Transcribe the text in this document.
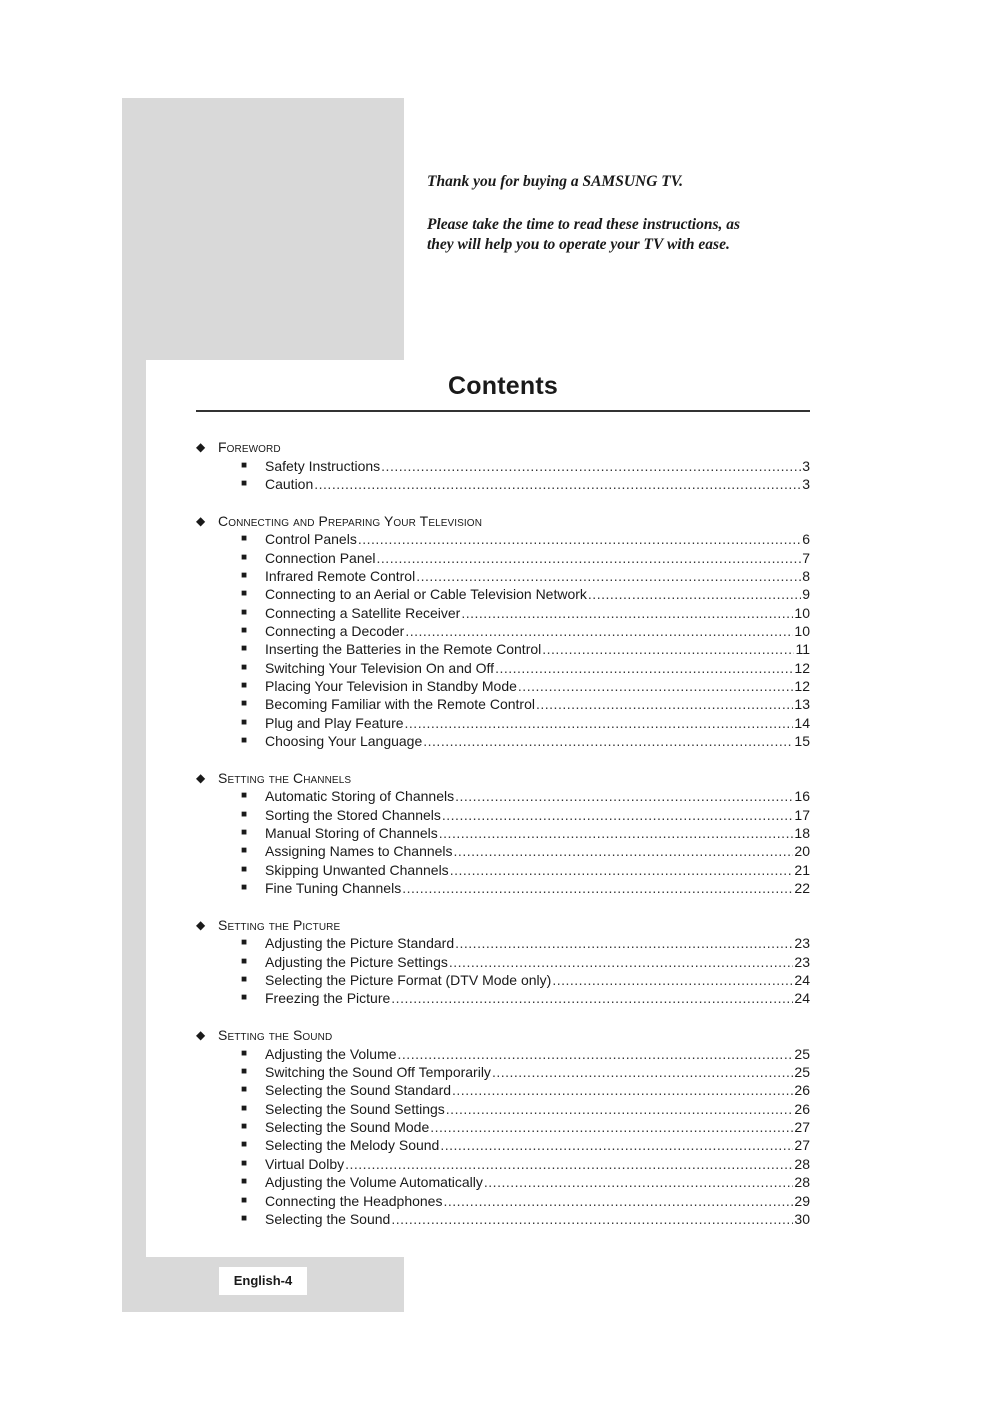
Thank you for buying a SAMSUNG TV.

Please take the time to read these instructions, as they will help you to operate your TV with ease.

Contents
◆ Foreword
■	Safety Instructions .....	3
■	Caution .....	3
◆ Connecting and Preparing Your Television
■	Control Panels .....	6
■	Connection Panel .....	7
■	Infrared Remote Control .....	8
■	Connecting to an Aerial or Cable Television Network .....	9
■	Connecting a Satellite Receiver .....	10
■	Connecting a Decoder .....	10
■	Inserting the Batteries in the Remote Control .....	11
■	Switching Your Television On and Off .....	12
■	Placing Your Television in Standby Mode .....	12
■	Becoming Familiar with the Remote Control .....	13
■	Plug and Play Feature .....	14
■	Choosing Your Language .....	15
◆ Setting the Channels
■	Automatic Storing of Channels .....	16
■	Sorting the Stored Channels .....	17
■	Manual Storing of Channels .....	18
■	Assigning Names to Channels .....	20
■	Skipping Unwanted Channels .....	21
■	Fine Tuning Channels .....	22
◆ Setting the Picture
■	Adjusting the Picture Standard .....	23
■	Adjusting the Picture Settings .....	23
■	Selecting the Picture Format (DTV Mode only) .....	24
■	Freezing the Picture .....	24
◆ Setting the Sound
■	Adjusting the Volume .....	25
■	Switching the Sound Off Temporarily .....	25
■	Selecting the Sound Standard .....	26
■	Selecting the Sound Settings .....	26
■	Selecting the Sound Mode .....	27
■	Selecting the Melody Sound .....	27
■	Virtual Dolby .....	28
■	Adjusting the Volume Automatically .....	28
■	Connecting the Headphones .....	29
■	Selecting the Sound .....	30
English-4
